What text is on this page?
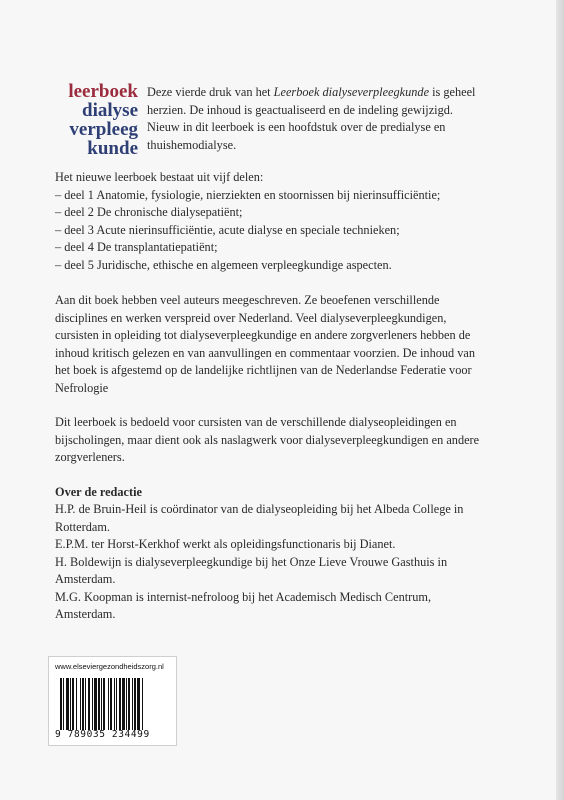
leerboek
dialyse
verpleeg
kunde
Deze vierde druk van het Leerboek dialyseverpleegkunde is geheel herzien. De inhoud is geactualiseerd en de indeling gewijzigd. Nieuw in dit leerboek is een hoofdstuk over de predialyse en thuishemodialyse.

Het nieuwe leerboek bestaat uit vijf delen:

– deel 1 Anatomie, fysiologie, nierziekten en stoornissen bij nierinsufficiëntie;

– deel 2 De chronische dialysepatiënt;

– deel 3 Acute nierinsufficiëntie, acute dialyse en speciale technieken;

– deel 4 De transplantatiepatiënt;

– deel 5 Juridische, ethische en algemeen verpleegkundige aspecten.

Aan dit boek hebben veel auteurs meegeschreven. Ze beoefenen verschillende disciplines en werken verspreid over Nederland. Veel dialyseverpleegkundigen, cursisten in opleiding tot dialyseverpleegkundige en andere zorgverleners hebben de inhoud kritisch gelezen en van aanvullingen en commentaar voorzien. De inhoud van het boek is afgestemd op de landelijke richtlijnen van de Nederlandse Federatie voor Nefrologie

Dit leerboek is bedoeld voor cursisten van de verschillende dialyseopleidingen en bijscholingen, maar dient ook als naslagwerk voor dialyseverpleegkundigen en andere zorgverleners.

Over de redactie

H.P. de Bruin-Heil is coördinator van de dialyseopleiding bij het Albeda College in Rotterdam.

E.P.M. ter Horst-Kerkhof werkt als opleidingsfunctionaris bij Dianet.

H. Boldewijn is dialyseverpleegkundige bij het Onze Lieve Vrouwe Gasthuis in Amsterdam.

M.G. Koopman is internist-nefroloog bij het Academisch Medisch Centrum, Amsterdam.

www.elseviergezondheidszorg.nl
9 789035 234499
